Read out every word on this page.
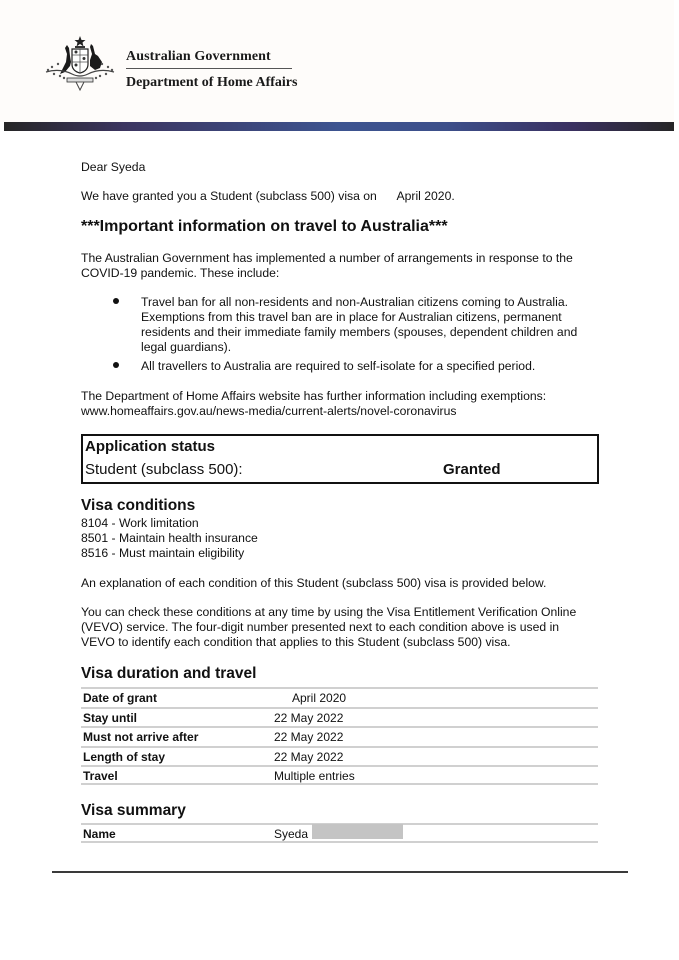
Australian Government
Department of Home Affairs
Dear Syeda
We have granted you a Student (subclass 500) visa on      April 2020.
***Important information on travel to Australia***
The Australian Government has implemented a number of arrangements in response to the
COVID-19 pandemic. These include:
Travel ban for all non-residents and non-Australian citizens coming to Australia.
Exemptions from this travel ban are in place for Australian citizens, permanent
residents and their immediate family members (spouses, dependent children and
legal guardians).
All travellers to Australia are required to self-isolate for a specified period.
The Department of Home Affairs website has further information including exemptions:
www.homeaffairs.gov.au/news-media/current-alerts/novel-coronavirus
Application status
Student (subclass 500):	Granted
Visa conditions
8104 - Work limitation
8501 - Maintain health insurance
8516 - Must maintain eligibility
An explanation of each condition of this Student (subclass 500) visa is provided below.
You can check these conditions at any time by using the Visa Entitlement Verification Online
(VEVO) service. The four-digit number presented next to each condition above is used in
VEVO to identify each condition that applies to this Student (subclass 500) visa.
Visa duration and travel
Date of grant	April 2020
Stay until	22 May 2022
Must not arrive after	22 May 2022
Length of stay	22 May 2022
Travel	Multiple entries
Visa summary
Name	Syeda
